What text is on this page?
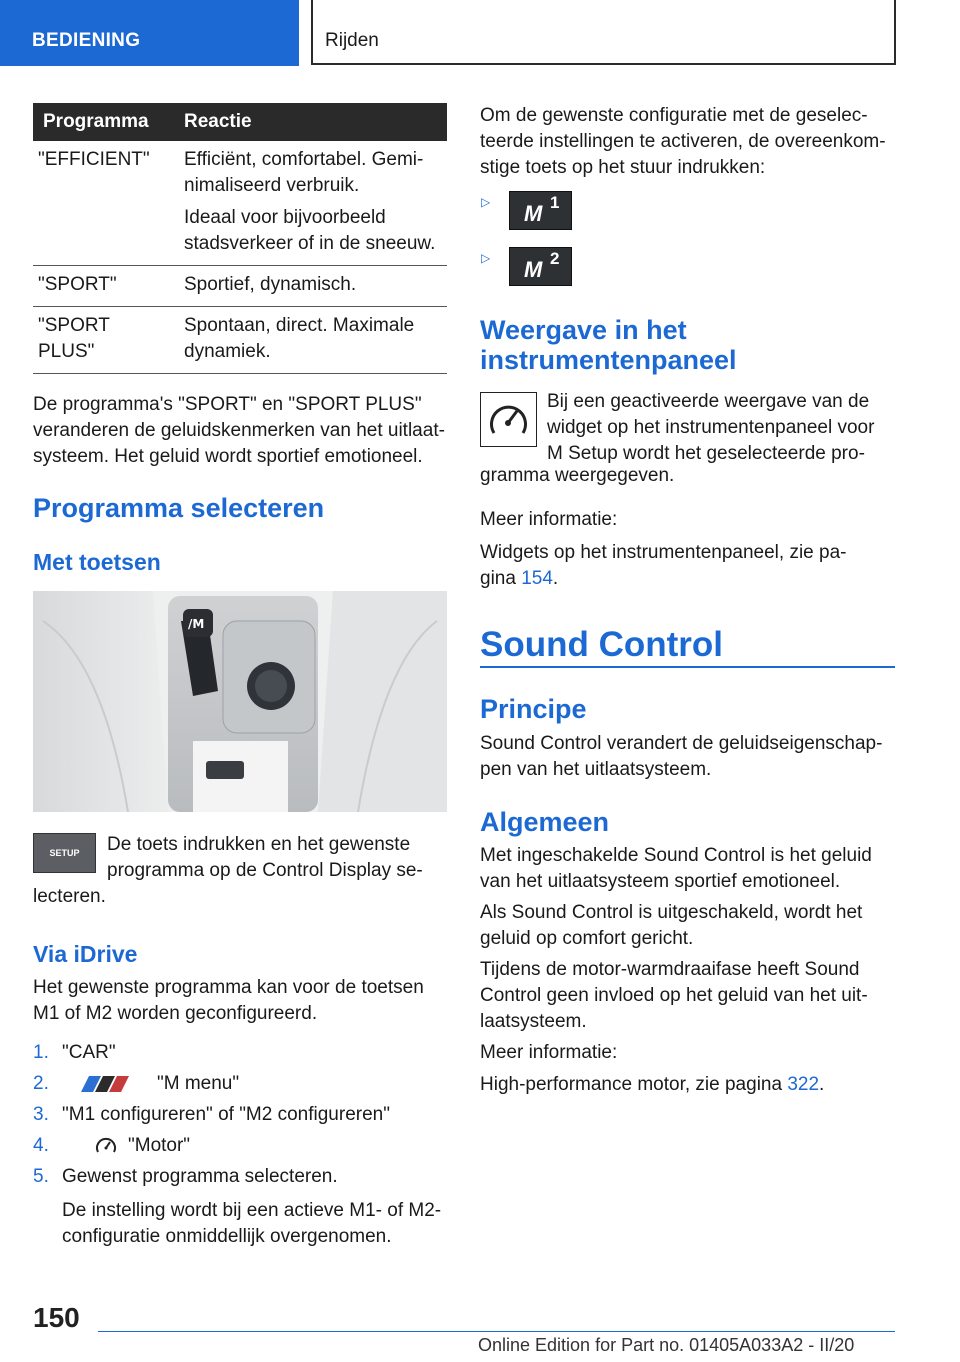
BEDIENING	Rijden
Programma	Reactie
"EFFICIENT"	Efficiënt, comfortabel. Gemi-
nimaliseerd verbruik.

Ideaal voor bijvoorbeeld
stadsverkeer of in de sneeuw.

"SPORT"	Sportief, dynamisch.
"SPORT
PLUS"	Spontaan, direct. Maximale
dynamiek.

De programma's "SPORT" en "SPORT PLUS"
veranderen de geluidskenmerken van het uitlaat-
systeem. Het geluid wordt sportief emotioneel.

Programma selecteren
Met toetsen
/M
SETUP	De toets indrukken en het gewenste
programma op de Control Display se-

lecteren.

Via iDrive

Het gewenste programma kan voor de toetsen
M1 of M2 worden geconfigureerd.

1. "CAR"
2.	"M menu"
3. "M1 configureren" of "M2 configureren"
4.	"Motor"
5. Gewenst programma selecteren.

De instelling wordt bij een actieve M1- of M2-
configuratie onmiddellijk overgenomen.

Om de gewenste configuratie met de geselec-
teerde instellingen te activeren, de overeenkom-
stige toets op het stuur indrukken:

▷ M 1
▷ M 2
Weergave in het
instrumentenpaneel

Bij een geactiveerde weergave van de
widget op het instrumentenpaneel voor
M Setup wordt het geselecteerde pro-

gramma weergegeven.

Meer informatie:

Widgets op het instrumentenpaneel, zie pa-
gina 154.

Sound Control
Principe

Sound Control verandert de geluidseigenschap-
pen van het uitlaatsysteem.

Algemeen

Met ingeschakelde Sound Control is het geluid
van het uitlaatsysteem sportief emotioneel.

Als Sound Control is uitgeschakeld, wordt het
geluid op comfort gericht.

Tijdens de motor-warmdraaifase heeft Sound
Control geen invloed op het geluid van het uit-
laatsysteem.

Meer informatie:

High-performance motor, zie pagina 322.

150
Online Edition for Part no. 01405A033A2 - II/20
